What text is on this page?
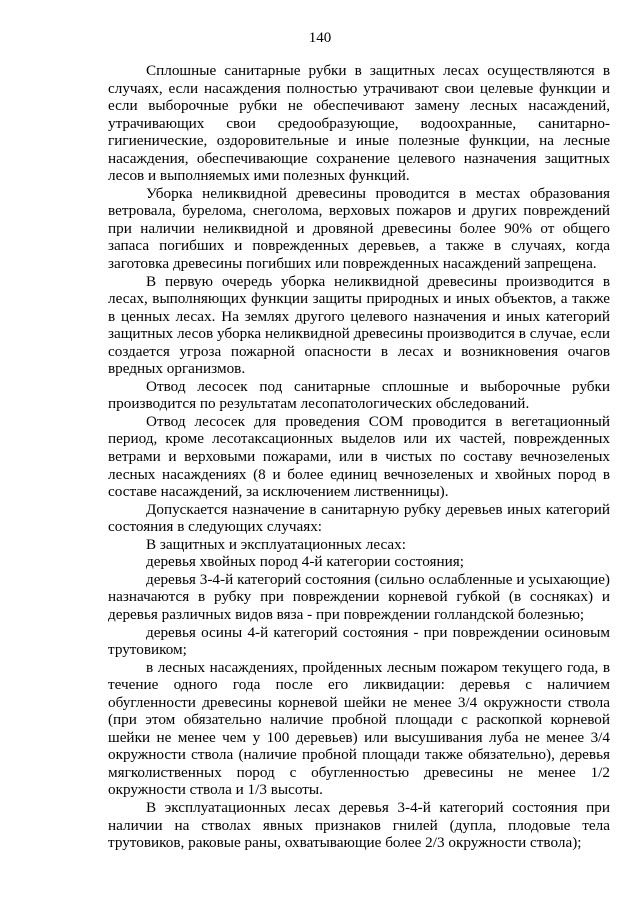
140

Сплошные санитарные рубки в защитных лесах осуществляются в случаях, если насаждения полностью утрачивают свои целевые функции и если выборочные рубки не обеспечивают замену лесных насаждений, утрачивающих свои средообразующие, водоохранные, санитарно-гигиенические, оздоровительные и иные полезные функции, на лесные насаждения, обеспечивающие сохранение целевого назначения защитных лесов и выполняемых ими полезных функций.

Уборка неликвидной древесины проводится в местах образования ветровала, бурелома, снеголома, верховых пожаров и других повреждений при наличии неликвидной и дровяной древесины более 90% от общего запаса погибших и поврежденных деревьев, а также в случаях, когда заготовка древесины погибших или поврежденных насаждений запрещена.

В первую очередь уборка неликвидной древесины производится в лесах, выполняющих функции защиты природных и иных объектов, а также в ценных лесах. На землях другого целевого назначения и иных категорий защитных лесов уборка неликвидной древесины производится в случае, если создается угроза пожарной опасности в лесах и возникновения очагов вредных организмов.

Отвод лесосек под санитарные сплошные и выборочные рубки производится по результатам лесопатологических обследований.

Отвод лесосек для проведения СОМ проводится в вегетационный период, кроме лесотаксационных выделов или их частей, поврежденных ветрами и верховыми пожарами, или в чистых по составу вечнозеленых лесных насаждениях (8 и более единиц вечнозеленых и хвойных пород в составе насаждений, за исключением лиственницы).

Допускается назначение в санитарную рубку деревьев иных категорий состояния в следующих случаях:

В защитных и эксплуатационных лесах:

деревья хвойных пород 4-й категории состояния;

деревья 3-4-й категорий состояния (сильно ослабленные и усыхающие) назначаются в рубку при повреждении корневой губкой (в сосняках) и деревья различных видов вяза - при повреждении голландской болезнью;

деревья осины 4-й категорий состояния - при повреждении осиновым трутовиком;

в лесных насаждениях, пройденных лесным пожаром текущего года, в течение одного года после его ликвидации: деревья с наличием обугленности древесины корневой шейки не менее 3/4 окружности ствола (при этом обязательно наличие пробной площади с раскопкой корневой шейки не менее чем у 100 деревьев) или высушивания луба не менее 3/4 окружности ствола (наличие пробной площади также обязательно), деревья мягколиственных пород с обугленностью древесины не менее 1/2 окружности ствола и 1/3 высоты.

В эксплуатационных лесах деревья 3-4-й категорий состояния при наличии на стволах явных признаков гнилей (дупла, плодовые тела трутовиков, раковые раны, охватывающие более 2/3 окружности ствола);
